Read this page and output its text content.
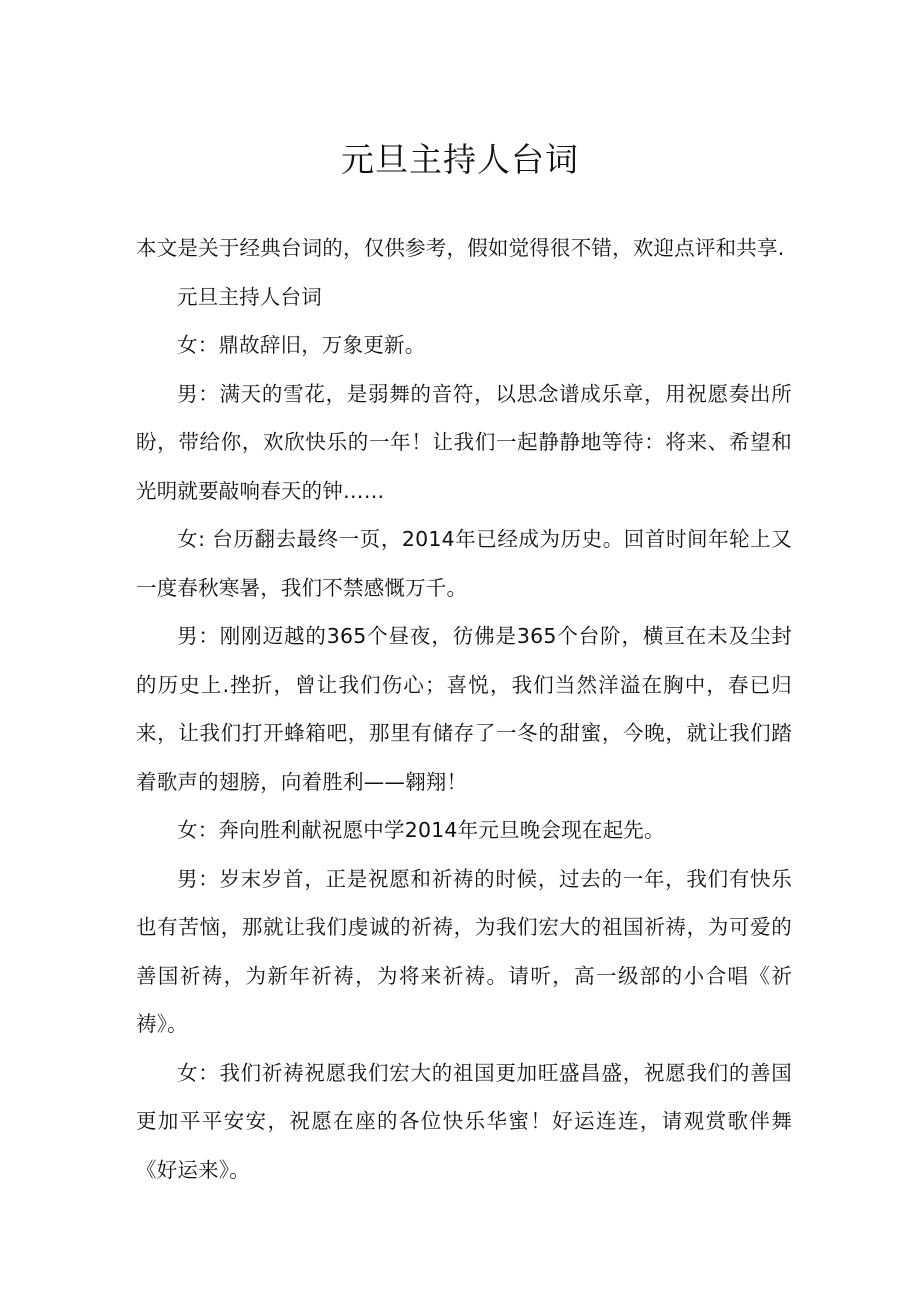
元旦主持人台词

本文是关于经典台词的，仅供参考，假如觉得很不错，欢迎点评和共享.

元旦主持人台词

女：鼎故辞旧，万象更新。

男：满天的雪花，是弱舞的音符，以思念谱成乐章，用祝愿奏出所盼，带给你，欢欣快乐的一年！让我们一起静静地等待：将来、希望和光明就要敲响春天的钟……

女: 台历翻去最终一页，2014年已经成为历史。回首时间年轮上又一度春秋寒暑，我们不禁感慨万千。

男：刚刚迈越的365个昼夜，彷佛是365个台阶，横亘在未及尘封的历史上.挫折，曾让我们伤心；喜悦，我们当然洋溢在胸中，春已归来，让我们打开蜂箱吧，那里有储存了一冬的甜蜜，今晚，就让我们踏着歌声的翅膀，向着胜利——翱翔！

女：奔向胜利献祝愿中学2014年元旦晚会现在起先。

男：岁末岁首，正是祝愿和祈祷的时候，过去的一年，我们有快乐也有苦恼，那就让我们虔诚的祈祷，为我们宏大的祖国祈祷，为可爱的善国祈祷，为新年祈祷，为将来祈祷。请听，高一级部的小合唱《祈祷》。

女：我们祈祷祝愿我们宏大的祖国更加旺盛昌盛，祝愿我们的善国更加平平安安，祝愿在座的各位快乐华蜜！好运连连，请观赏歌伴舞《好运来》。
